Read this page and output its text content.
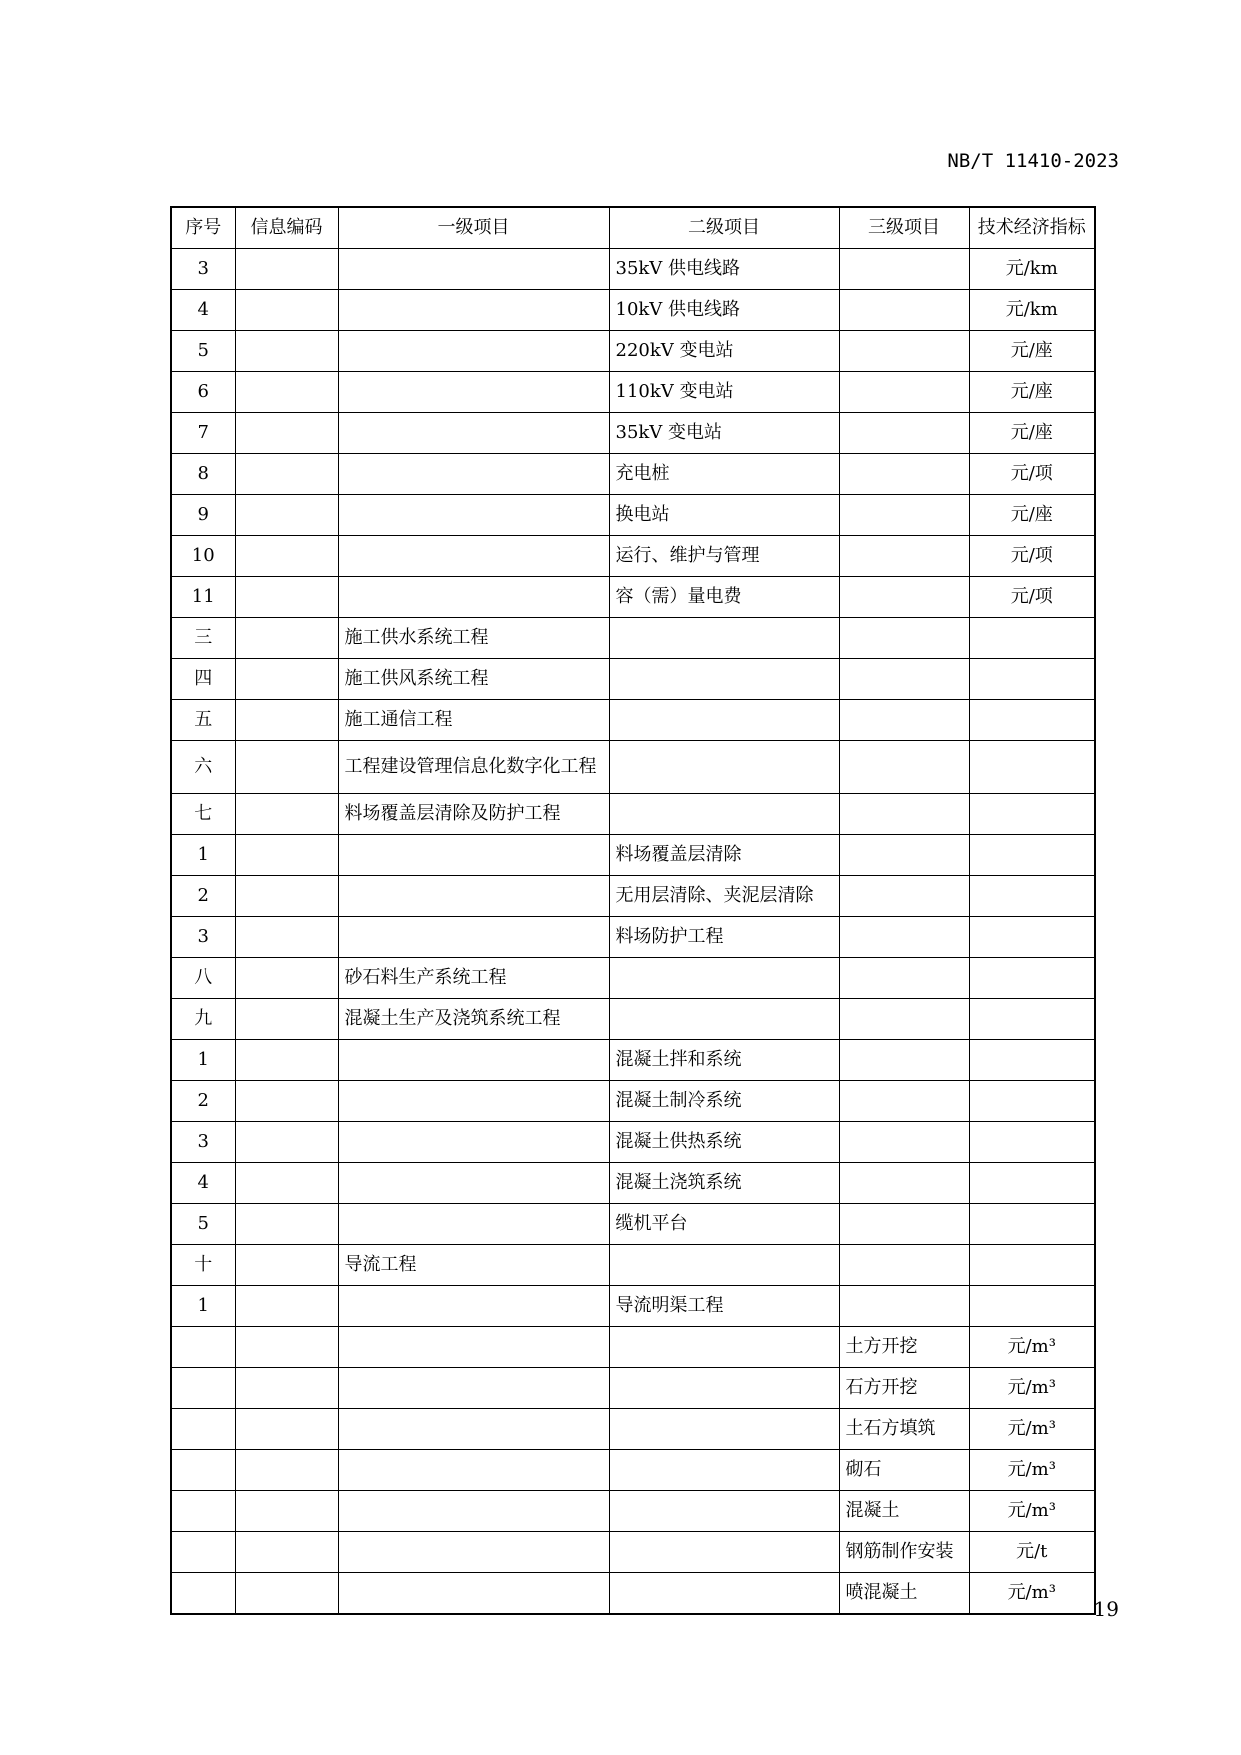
NB/T 11410-2023
序号	信息编码	一级项目	二级项目	三级项目	技术经济指标
3			35kV 供电线路		元/km
4			10kV 供电线路		元/km
5			220kV 变电站		元/座
6			110kV 变电站		元/座
7			35kV 变电站		元/座
8			充电桩		元/项
9			换电站		元/座
10			运行、维护与管理		元/项
11			容（需）量电费		元/项
三		施工供水系统工程			
四		施工供风系统工程			
五		施工通信工程			
六		工程建设管理信息化数字化工程			
七		料场覆盖层清除及防护工程			
1			料场覆盖层清除		
2			无用层清除、夹泥层清除		
3			料场防护工程		
八		砂石料生产系统工程			
九		混凝土生产及浇筑系统工程			
1			混凝土拌和系统		
2			混凝土制冷系统		
3			混凝土供热系统		
4			混凝土浇筑系统		
5			缆机平台		
十		导流工程			
1			导流明渠工程		
				土方开挖	元/m³
				石方开挖	元/m³
				土石方填筑	元/m³
				砌石	元/m³
				混凝土	元/m³
				钢筋制作安装	元/t
				喷混凝土	元/m³
19
